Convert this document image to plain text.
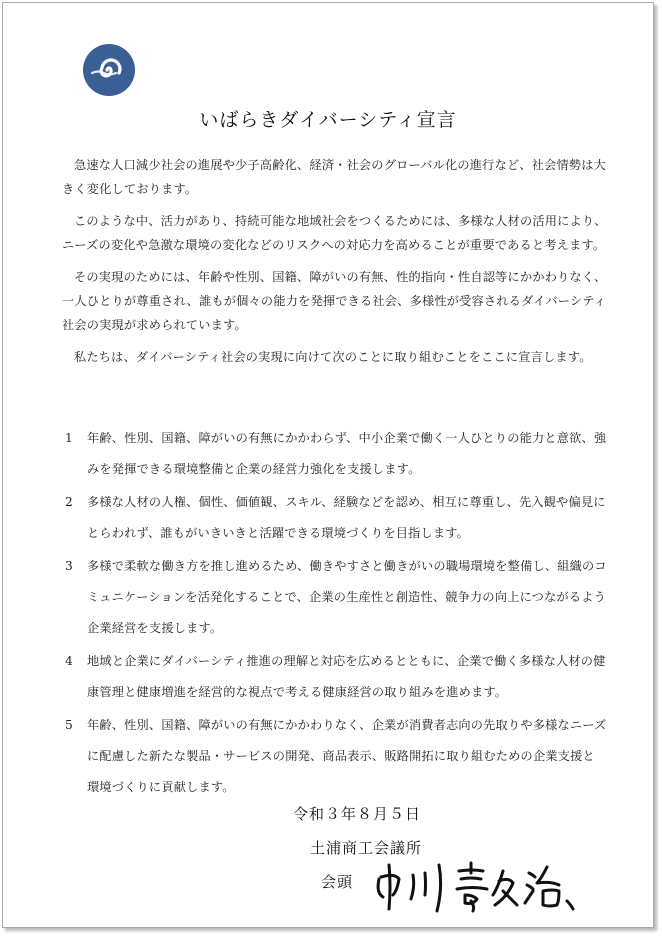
いばらきダイバーシティ宣言

急速な人口減少社会の進展や少子高齢化、経済・社会のグローバル化の進行など、社会情勢は大きく変化しております。

このような中、活力があり、持続可能な地域社会をつくるためには、多様な人材の活用により、ニーズの変化や急激な環境の変化などのリスクへの対応力を高めることが重要であると考えます。

その実現のためには、年齢や性別、国籍、障がいの有無、性的指向・性自認等にかかわりなく、一人ひとりが尊重され、誰もが個々の能力を発揮できる社会、多様性が受容されるダイバーシティ社会の実現が求められています。

私たちは、ダイバーシティ社会の実現に向けて次のことに取り組むことをここに宣言します。

1 年齢、性別、国籍、障がいの有無にかかわらず、中小企業で働く一人ひとりの能力と意欲、強みを発揮できる環境整備と企業の経営力強化を支援します。
2 多様な人材の人権、個性、価値観、スキル、経験などを認め、相互に尊重し、先入観や偏見にとらわれず、誰もがいきいきと活躍できる環境づくりを目指します。
3 多様で柔軟な働き方を推し進めるため、働きやすさと働きがいの職場環境を整備し、組織のコミュニケーションを活発化することで、企業の生産性と創造性、競争力の向上につながるよう企業経営を支援します。
4 地域と企業にダイバーシティ推進の理解と対応を広めるとともに、企業で働く多様な人材の健康管理と健康増進を経営的な視点で考える健康経営の取り組みを進めます。
5 年齢、性別、国籍、障がいの有無にかかわりなく、企業が消費者志向の先取りや多様なニーズに配慮した新たな製品・サービスの開発、商品表示、販路開拓に取り組むための企業支援と環境づくりに貢献します。
令和３年８月５日
土浦商工会議所
会頭
